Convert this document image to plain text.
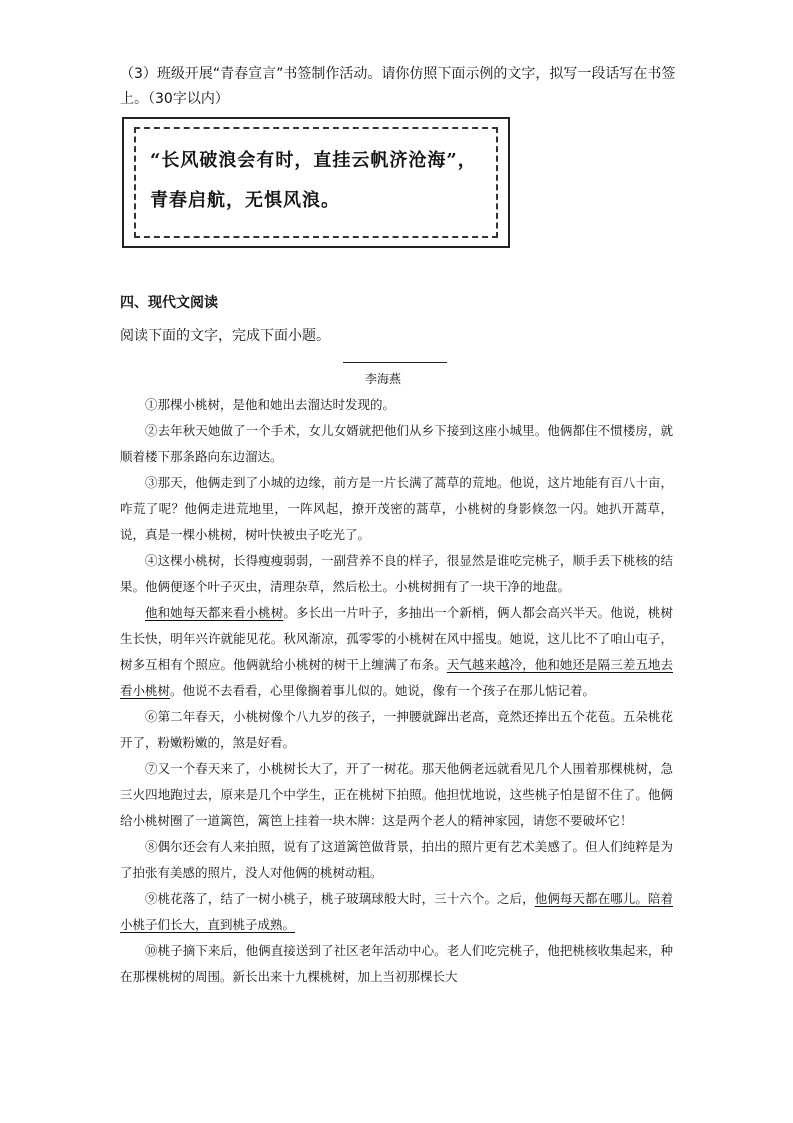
（3）班级开展“青春宣言”书签制作活动。请你仿照下面示例的文字，拟写一段话写在书签上。（30字以内）
“长风破浪会有时，直挂云帆济沧海”，青春启航，无惧风浪。
四、现代文阅读
阅读下面的文字，完成下面小题。
李海燕

①那棵小桃树，是他和她出去溜达时发现的。

②去年秋天她做了一个手术，女儿女婿就把他们从乡下接到这座小城里。他俩都住不惯楼房，就顺着楼下那条路向东边溜达。

③那天，他俩走到了小城的边缘，前方是一片长满了蒿草的荒地。他说，这片地能有百八十亩，咋荒了呢？他俩走进荒地里，一阵风起，撩开茂密的蒿草，小桃树的身影倏忽一闪。她扒开蒿草，说，真是一棵小桃树，树叶快被虫子吃光了。

④这棵小桃树，长得瘦瘦弱弱，一副营养不良的样子，很显然是谁吃完桃子，顺手丢下桃核的结果。他俩便逐个叶子灭虫，清理杂草，然后松土。小桃树拥有了一块干净的地盘。

他和她每天都来看小桃树。多长出一片叶子，多抽出一个新梢，俩人都会高兴半天。他说，桃树生长快，明年兴许就能见花。秋风渐凉，孤零零的小桃树在风中摇曳。她说，这儿比不了咱山屯子，树多互相有个照应。他俩就给小桃树的树干上缠满了布条。天气越来越冷，他和她还是隔三差五地去看小桃树。他说不去看看，心里像搁着事儿似的。她说，像有一个孩子在那儿惦记着。

⑥第二年春天，小桃树像个八九岁的孩子，一抻腰就蹿出老高，竟然还捧出五个花苞。五朵桃花开了，粉嫩粉嫩的，煞是好看。

⑦又一个春天来了，小桃树长大了，开了一树花。那天他俩老远就看见几个人围着那棵桃树，急三火四地跑过去，原来是几个中学生，正在桃树下拍照。他担忧地说，这些桃子怕是留不住了。他俩给小桃树圈了一道篱笆，篱笆上挂着一块木牌：这是两个老人的精神家园，请您不要破坏它！

⑧偶尔还会有人来拍照，说有了这道篱笆做背景，拍出的照片更有艺术美感了。但人们纯粹是为了拍张有美感的照片，没人对他俩的桃树动粗。

⑨桃花落了，结了一树小桃子，桃子玻璃球般大时，三十六个。之后，他俩每天都在哪儿。陪着小桃子们长大，直到桃子成熟。

⑩桃子摘下来后，他俩直接送到了社区老年活动中心。老人们吃完桃子，他把桃核收集起来，种在那棵桃树的周围。新长出来十九棵桃树，加上当初那棵长大
